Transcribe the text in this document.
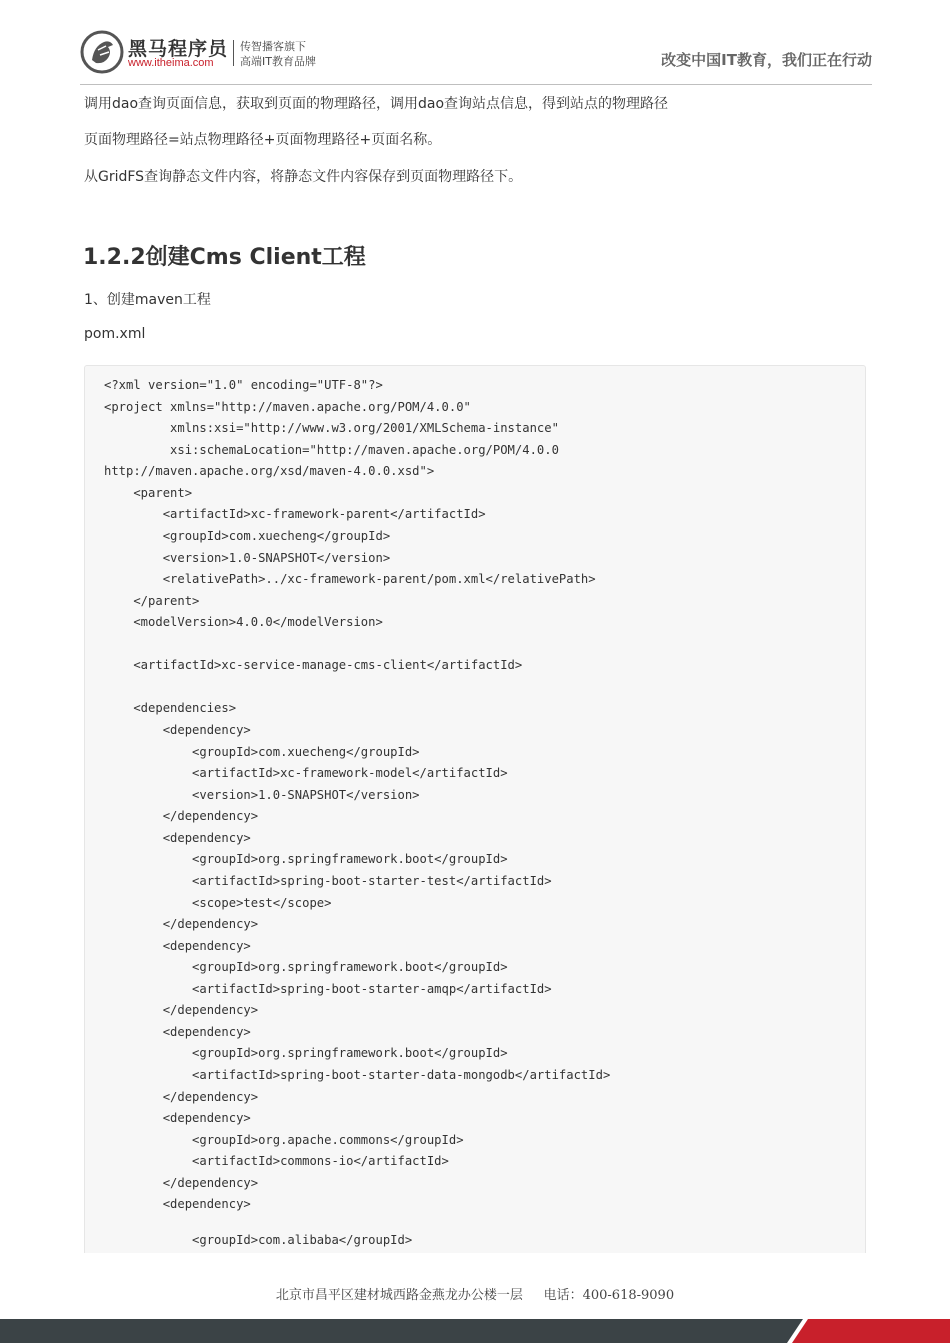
黑马程序员
www.itheima.com
传智播客旗下
高端IT教育品牌	改变中国IT教育，我们正在行动

调用dao查询页面信息，获取到页面的物理路径，调用dao查询站点信息，得到站点的物理路径

页面物理路径=站点物理路径+页面物理路径+页面名称。

从GridFS查询静态文件内容，将静态文件内容保存到页面物理路径下。

1.2.2创建Cms Client工程

1、创建maven工程

pom.xml

<?xml version="1.0" encoding="UTF-8"?>
<project xmlns="http://maven.apache.org/POM/4.0.0"
xmlns:xsi="http://www.w3.org/2001/XMLSchema-instance"
xsi:schemaLocation="http://maven.apache.org/POM/4.0.0
http://maven.apache.org/xsd/maven-4.0.0.xsd">
<parent>
<artifactId>xc-framework-parent</artifactId>
<groupId>com.xuecheng</groupId>
<version>1.0-SNAPSHOT</version>
<relativePath>../xc-framework-parent/pom.xml</relativePath>
</parent>
<modelVersion>4.0.0</modelVersion>
<artifactId>xc-service-manage-cms-client</artifactId>
<dependencies>
<dependency>
<groupId>com.xuecheng</groupId>
<artifactId>xc-framework-model</artifactId>
<version>1.0-SNAPSHOT</version>
</dependency>
<dependency>
<groupId>org.springframework.boot</groupId>
<artifactId>spring-boot-starter-test</artifactId>
<scope>test</scope>
</dependency>
<dependency>
<groupId>org.springframework.boot</groupId>
<artifactId>spring-boot-starter-amqp</artifactId>
</dependency>
<dependency>
<groupId>org.springframework.boot</groupId>
<artifactId>spring-boot-starter-data-mongodb</artifactId>
</dependency>
<dependency>
<groupId>org.apache.commons</groupId>
<artifactId>commons-io</artifactId>
</dependency>
<dependency>
<groupId>com.alibaba</groupId>
北京市昌平区建材城西路金燕龙办公楼一层 电话：400-618-9090
